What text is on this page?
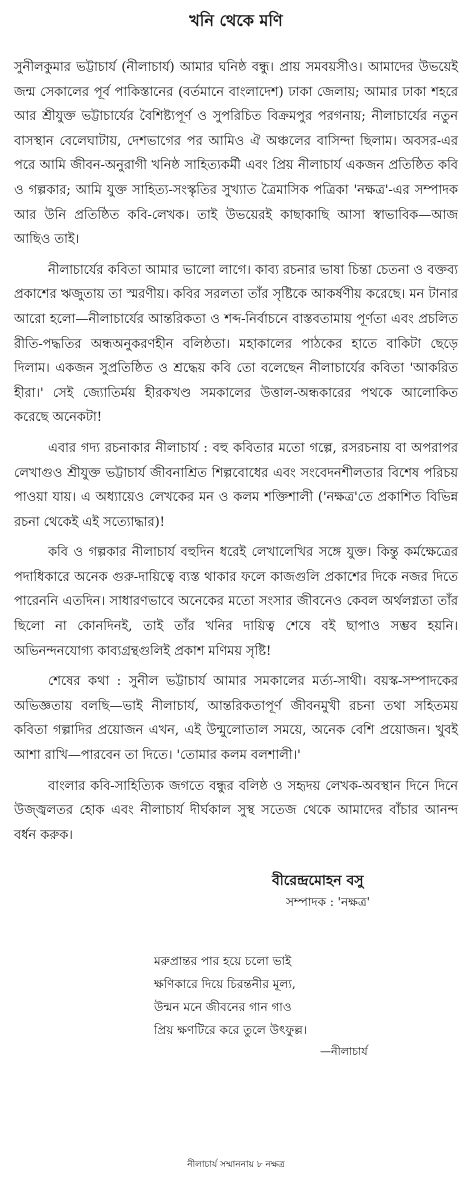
খনি থেকে মণি

সুনীলকুমার ভট্টাচার্য (নীলাচার্য) আমার ঘনিষ্ঠ বন্ধু। প্রায় সমবয়সীও। আমাদের উভয়েই জন্ম সেকালের পূর্ব পাকিস্তানের (বর্তমানে বাংলাদেশ) ঢাকা জেলায়; আমার ঢাকা শহরে আর শ্রীযুক্ত ভট্টাচার্যের বৈশিষ্ট্যপূর্ণ ও সুপরিচিত বিক্রমপুর পরগনায়; নীলাচার্যের নতুন বাসস্থান বেলেঘাটায়, দেশভাগের পর আমিও ঐ অঞ্চলের বাসিন্দা ছিলাম। অবসর-এর পরে আমি জীবন-অনুরাগী খনিষ্ঠ সাহিত্যকর্মী এবং প্রিয় নীলাচার্য একজন প্রতিষ্ঠিত কবি ও গল্পকার; আমি যুক্ত সাহিত্য-সংস্কৃতির সুখ্যাত ত্রৈমাসিক পত্রিকা 'নক্ষত্র'-এর সম্পাদক আর উনি প্রতিষ্ঠিত কবি-লেখক। তাই উভয়েরই কাছাকাছি আসা স্বাভাবিক—আজ আছিও তাই।

নীলাচার্যের কবিতা আমার ভালো লাগে। কাব্য রচনার ভাষা চিন্তা চেতনা ও বক্তব্য প্রকাশের ঋজুতায় তা স্মরণীয়। কবির সরলতা তাঁর সৃষ্টিকে আকর্ষণীয় করেছে। মন টানার আরো হলো—নীলাচার্যের আন্তরিকতা ও শব্দ-নির্বাচনে বাস্তবতামায় পূর্ণতা এবং প্রচলিত রীতি-পদ্ধতির অন্ধঅনুকরণহীন বলিষ্ঠতা। মহাকালের পাঠকের হাতে বাকিটা ছেড়ে দিলাম। একজন সুপ্রতিষ্ঠিত ও শ্রদ্ধেয় কবি তো বলেছেন নীলাচার্যের কবিতা 'আকরিত হীরা।' সেই জ্যোতির্ময় হীরকখণ্ড সমকালের উত্তাল-অন্ধকারের পথকে আলোকিত করেছে অনেকটা!

এবার গদ্য রচনাকার নীলাচার্য : বহু কবিতার মতো গল্পে, রসরচনায় বা অপরাপর লেখাগুও শ্রীযুক্ত ভট্টাচার্য জীবনাশ্রিত শিল্পবোধের এবং সংবেদনশীলতার বিশেষ পরিচয় পাওয়া যায়। এ অধ্যায়েও লেখকের মন ও কলম শক্তিশালী ('নক্ষত্র'তে প্রকাশিত বিভিন্ন রচনা থেকেই এই সত্যোদ্ধার)!

কবি ও গল্পকার নীলাচার্য বহুদিন ধরেই লেখালেখির সঙ্গে যুক্ত। কিন্তু কর্মক্ষেত্রের পদাধিকারে অনেক গুরু-দায়িত্বে ব্যস্ত থাকার ফলে কাজগুলি প্রকাশের দিকে নজর দিতে পারেননি এতদিন। সাধারণভাবে অনেকের মতো সংসার জীবনেও কেবল অর্থলগ্নতা তাঁর ছিলো না কোনদিনই, তাই তাঁর খনির দায়িত্ব শেষে বই ছাপাও সম্ভব হয়নি। অভিনন্দনযোগ্য কাব্যগ্রন্থগুলিই প্রকাশ মণিময় সৃষ্টি!

শেষের কথা : সুনীল ভট্টাচার্য আমার সমকালের মর্ত্য-সাথী। বয়স্ক-সম্পাদকের অভিজ্ঞতায় বলছি—ভাই নীলাচার্য, আন্তরিকতাপূর্ণ জীবনমুখী রচনা তথা সহিতময় কবিতা গল্পাদির প্রয়োজন এখন, এই উন্মুলোতাল সময়ে, অনেক বেশি প্রয়োজন। খুবই আশা রাখি—পারবেন তা দিতে। 'তোমার কলম বলশালী।'

বাংলার কবি-সাহিত্যিক জগতে বন্ধুর বলিষ্ঠ ও সহৃদয় লেখক-অবস্থান দিনে দিনে উজ্জ্বলতর হোক এবং নীলাচার্য দীর্ঘকাল সুস্থ সতেজ থেকে আমাদের বাঁচার আনন্দ বর্ধন করুক।

বীরেন্দ্রমোহন বসু
সম্পাদক : 'নক্ষত্র'
মরুপ্রান্তর পার হয়ে চলো ভাই
ক্ষণিকারে দিয়ে চিরন্তনীর মূল্য,
উন্মন মনে জীবনের গান গাও
প্রিয় ক্ষণটিরে করে তুলে উৎফুল্ল।
—নীলাচার্য
নীলাচার্য সম্মাননায় ৮ নক্ষত্র
